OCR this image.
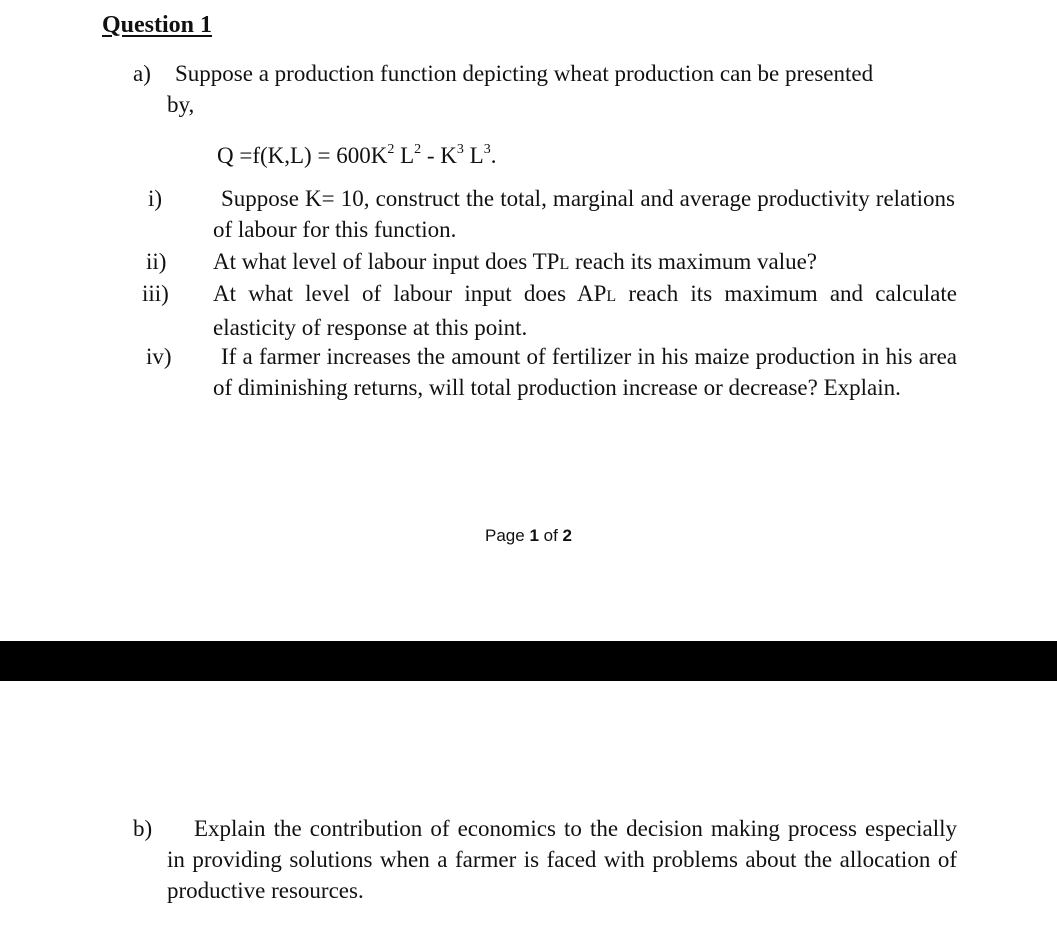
Question 1
a) Suppose a production function depicting wheat production can be presented
by,
$Q =f(K,L) = 600K^2$ $L^2 - K^3$ $L^3$.
i)	Suppose K= 10, construct the total, marginal and average productivity relations of labour for this function.
ii) At what level of labour input does TPL reach its maximum value?
iii) At what level of labour input does APL reach its maximum and calculate elasticity of response at this point.
iv)	If a farmer increases the amount of fertilizer in his maize production in his area of diminishing returns, will total production increase or decrease? Explain.
Page 1 of 2
b)	Explain the contribution of economics to the decision making process especially in providing solutions when a farmer is faced with problems about the allocation of productive resources.
